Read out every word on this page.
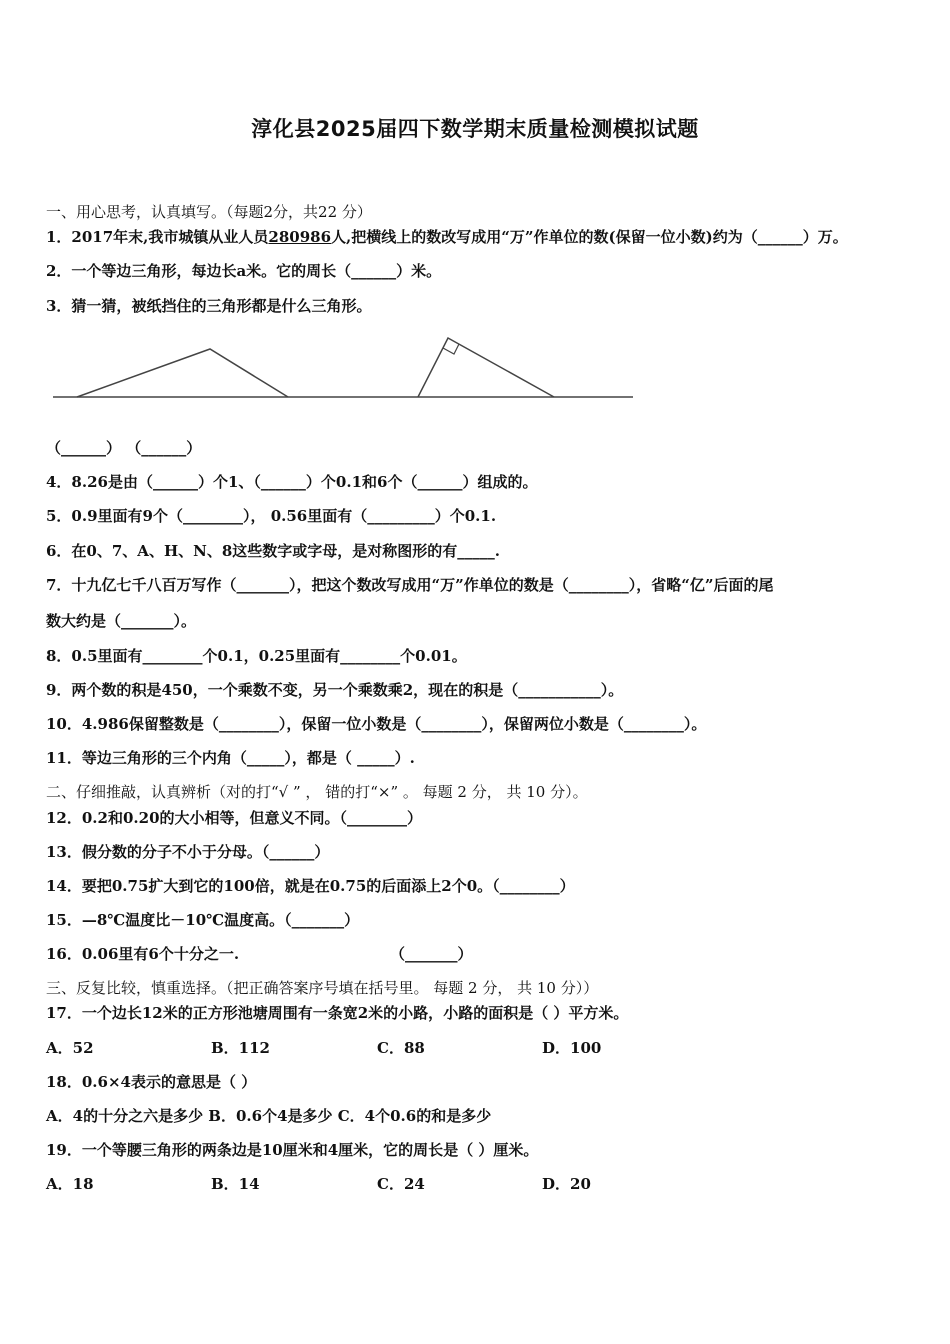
淳化县2025届四下数学期末质量检测模拟试题
一、用心思考，认真填写。（每题2分，共22 分）
1．2017年末,我市城镇从业人员280986人,把横线上的数改写成用“万”作单位的数(保留一位小数)约为（______）万。
2．一个等边三角形，每边长a米。它的周长（______）米。
3．猜一猜，被纸挡住的三角形都是什么三角形。
（______） （______）
4．8.26是由（______）个1、（______）个0.1和6个（______）组成的。
5．0.9里面有9个（________）， 0.56里面有（_________）个0.1.
6．在0、7、A、H、N、8这些数字或字母，是对称图形的有_____.
7．十九亿七千八百万写作（_______），把这个数改写成用“万”作单位的数是（________），省略“亿”后面的尾
数大约是（_______）。
8．0.5里面有________个0.1，0.25里面有________个0.01。
9．两个数的积是450，一个乘数不变，另一个乘数乘2，现在的积是（___________）。
10．4.986保留整数是（________），保留一位小数是（________），保留两位小数是（________）。
11．等边三角形的三个内角（_____），都是（ _____）.
二、仔细推敲，认真辨析（对的打“√ ” ， 错的打“×” 。 每题 2 分， 共 10 分）。
12．0.2和0.20的大小相等，但意义不同。（________）
13．假分数的分子不小于分母。（______）
14．要把0.75扩大到它的100倍，就是在0.75的后面添上2个0。（________）
15．—8℃温度比－10℃温度高。（_______）
16．0.06里有6个十分之一.	（_______）
三、反复比较，慎重选择。（把正确答案序号填在括号里。 每题 2 分， 共 10 分））
17．一个边长12米的正方形池塘周围有一条宽2米的小路，小路的面积是（ ）平方米。
A．52	B．112	C．88	D．100
18．0.6×4表示的意思是（ ）
A．4的十分之六是多少 B．0.6个4是多少 C．4个0.6的和是多少
19．一个等腰三角形的两条边是10厘米和4厘米，它的周长是（ ）厘米。
A．18	B．14	C．24	D．20
